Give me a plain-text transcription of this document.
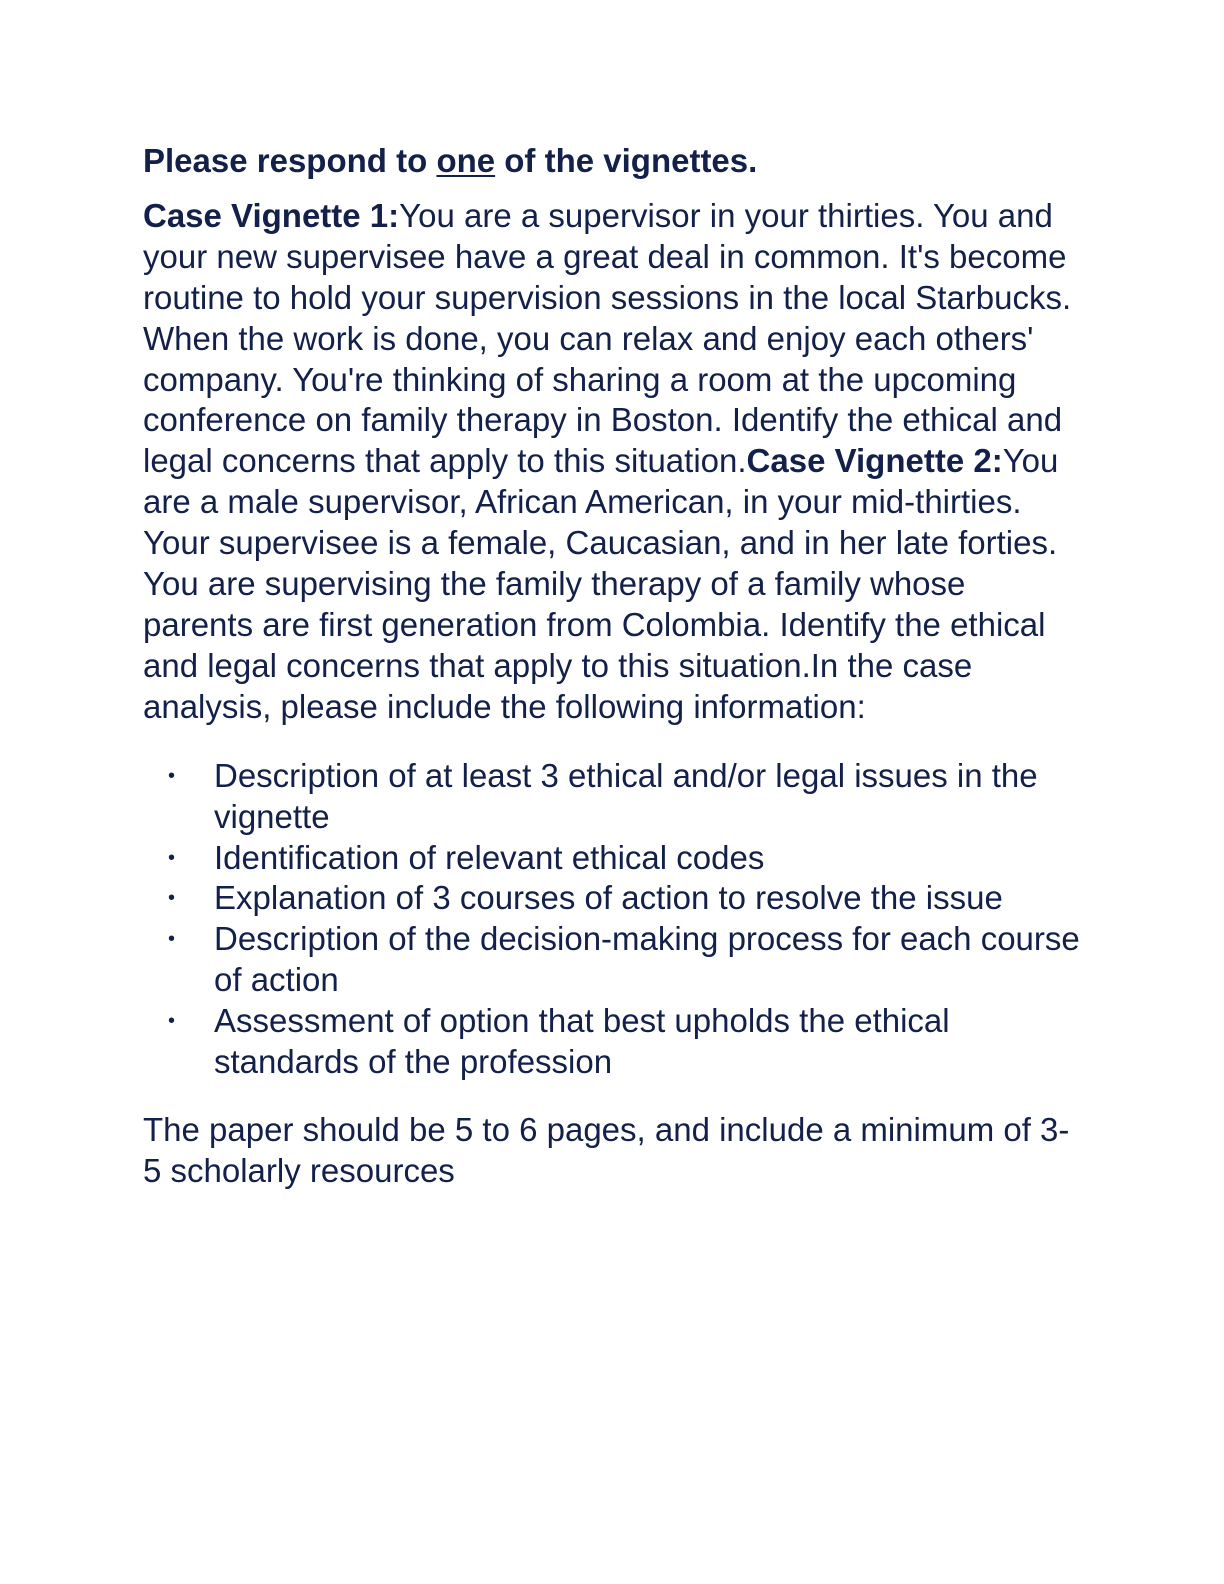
Please respond to one of the vignettes.

Case Vignette 1:You are a supervisor in your thirties. You and your new supervisee have a great deal in common. It's become routine to hold your supervision sessions in the local Starbucks. When the work is done, you can relax and enjoy each others' company. You're thinking of sharing a room at the upcoming conference on family therapy in Boston. Identify the ethical and legal concerns that apply to this situation.Case Vignette 2:You are a male supervisor, African American, in your mid-thirties. Your supervisee is a female, Caucasian, and in her late forties. You are supervising the family therapy of a family whose parents are first generation from Colombia. Identify the ethical and legal concerns that apply to this situation.In the case analysis, please include the following information:

• Description of at least 3 ethical and/or legal issues in the vignette
• Identification of relevant ethical codes
• Explanation of 3 courses of action to resolve the issue
• Description of the decision-making process for each course of action
• Assessment of option that best upholds the ethical standards of the profession

The paper should be 5 to 6 pages, and include a minimum of 3-5 scholarly resources
